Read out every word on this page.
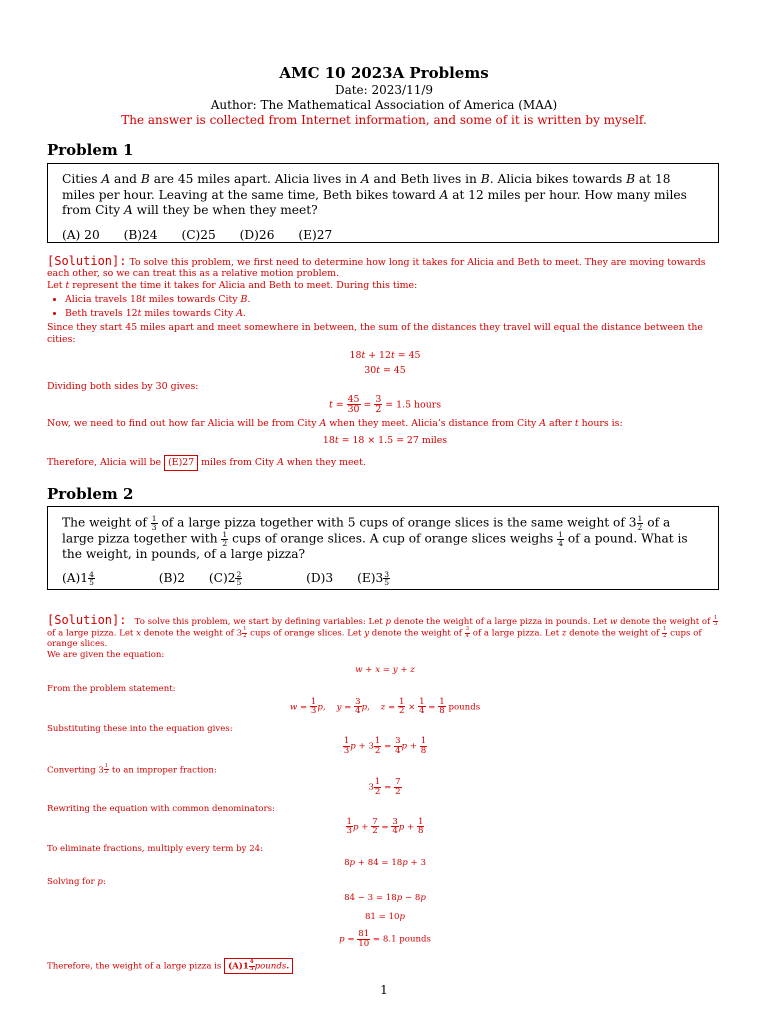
AMC 10 2023A Problems
Date: 2023/11/9
Author: The Mathematical Association of America (MAA)
The answer is collected from Internet information, and some of it is written by myself.
Problem 1
Cities A and B are 45 miles apart. Alicia lives in A and Beth lives in B. Alicia bikes towards B at 18 miles per hour. Leaving at the same time, Beth bikes toward A at 12 miles per hour. How many miles from City A will they be when they meet?
(A) 20 (B)24 (C)25 (D)26 (E)27
[Solution]: To solve this problem, we first need to determine how long it takes for Alicia and Beth to meet. They are moving towards each other, so we can treat this as a relative motion problem.
Let t represent the time it takes for Alicia and Beth to meet. During this time:
• Alicia travels 18t miles towards City B.
• Beth travels 12t miles towards City A.
Since they start 45 miles apart and meet somewhere in between, the sum of the distances they travel will equal the distance between the cities:
18t + 12t = 45
30t = 45
Dividing both sides by 30 gives:
$t = \frac{45}{30} = \frac{3}{2} = 1.5$ hours
Now, we need to find out how far Alicia will be from City A when they meet. Alicia’s distance from City A after t hours is:
18t = 18 × 1.5 = 27 miles
Therefore, Alicia will be (E)27 miles from City A when they meet.
Problem 2
The weight of $\frac{1}{3}$ of a large pizza together with 5 cups of orange slices is the same weight of $3 \frac{1}{2}$ of a large pizza together with $\frac{1}{2}$ cups of orange slices. A cup of orange slices weighs $\frac{1}{4}$ of a pound. What is the weight, in pounds, of a large pizza?
$(A)1 \frac{4}{5}$	(B)2 $(C)2 \frac{2}{5}$	(D)3 $(E)3 \frac{3}{5}$
[Solution]:   To solve this problem, we start by defining variables: Let p denote the weight of a large pizza in pounds. Let w denote the weight of $\frac{1}{3}$
of a large pizza. Let x denote the weight of $3 \frac{1}{2}$ cups of orange slices. Let y denote the weight of $\frac{3}{4}$ of a large pizza. Let z denote the weight of $\frac{1}{2}$ cups of orange slices.
We are given the equation:
w + x = y + z
From the problem statement:
$w = \frac{1}{3} p$,    $y = \frac{3}{4} p$,    $z = \frac{1}{2} \times \frac{1}{4} = \frac{1}{8}$ pounds
Substituting these into the equation gives:
$\frac{1}{3}$ $p + 3 \frac{1}{2} = \frac{3}{4}$ $p + \frac{1}{8}$
Converting $3 \frac{1}{2}$ to an improper fraction:
$3 \frac{1}{2} = \frac{7}{2}$
Rewriting the equation with common denominators:
$\frac{1}{3}$ $p + \frac{7}{2} = \frac{3}{4}$ $p + \frac{1}{8}$
To eliminate fractions, multiply every term by 24:
8p + 84 = 18p + 3
Solving for p:
84 − 3 = 18p − 8p
81 = 10p
$p = \frac{81}{10} = 8.1$ pounds
Therefore, the weight of a large pizza is $(A)1 \frac{4}{5}$ pounds.
1
